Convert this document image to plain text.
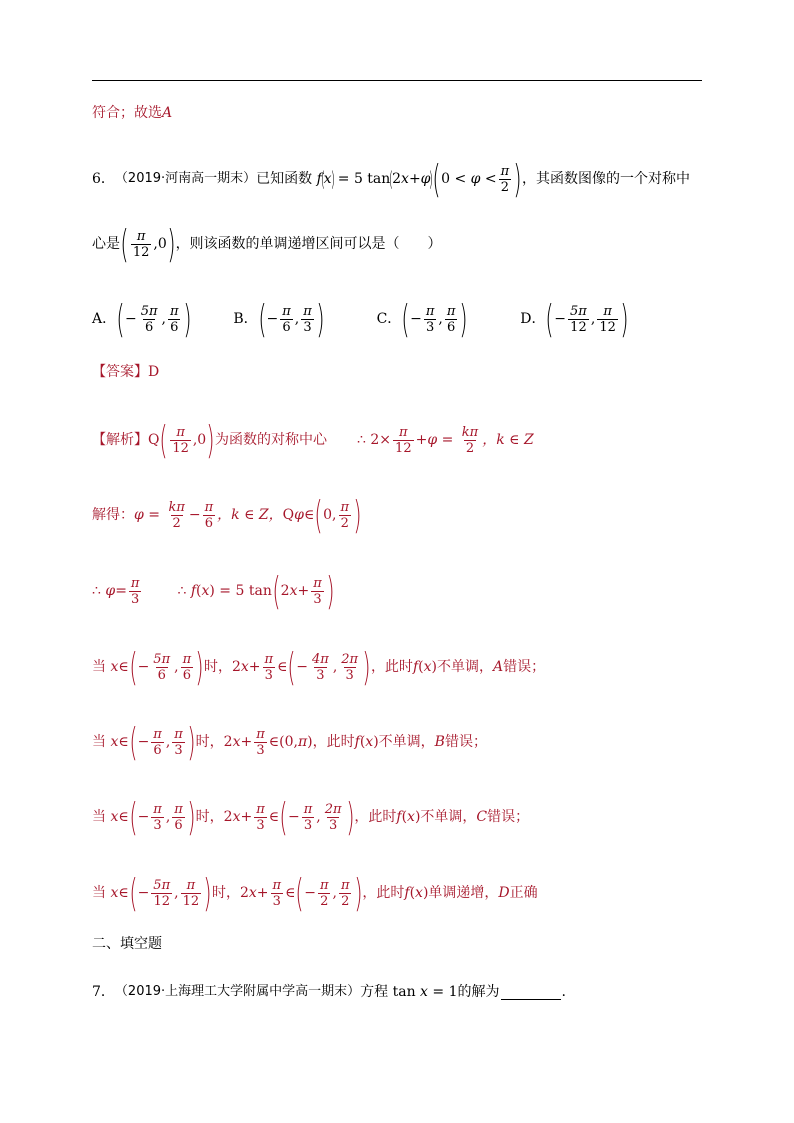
符合；故选 A
6． （2019·河南高一期末） 已知函数 f
(
x
)
= 5 tan
(
2 x + φ
) ( $0 < \varphi < \frac{\pi}{2}$ ) ，其函数图像的一个对称中
心是 ( $\frac{\pi}{12} ,0$ ) ，则该函数的单调递增区间可以是（　　）
A． ( − $\frac{5\pi}{6}$ , $\frac{\pi}{6}$ )	B． ( − $\frac{\pi}{6}$ , $\frac{\pi}{3}$ )	C． ( − $\frac{\pi}{3}$ , $\frac{\pi}{6}$ )	D． ( − $\frac{5\pi}{12}$ , $\frac{\pi}{12}$ )
【答案】 D
【解析】 Q ( $\frac{\pi}{12} ,0$ ) 为函数的对称中心 ∴ $2\times \frac{\pi}{12} + \varphi = \frac{k\pi}{2}$ ，k ∈ Z
解得： $\varphi = \frac{k\pi}{2} - \frac{\pi}{6}$ ，k ∈ Z， Q φ ∈ ( 0, $\frac{\pi}{2}$ )
∴ $\varphi = \frac{\pi}{3}$	∴ f ( x ) = 5 tan ( 2 $x + \frac{\pi}{3}$ )
当 x ∈ ( − $\frac{5\pi}{6}$ , $\frac{\pi}{6}$ ) 时， 2 $x + \frac{\pi}{3}$ ∈ ( − $\frac{4\pi}{3}$ , $\frac{2\pi}{3}$ ) ，此时 f ( x ) 不单调， A 错误；
当 x ∈ ( − $\frac{\pi}{6}$ , $\frac{\pi}{3}$ ) 时， 2 $x + \frac{\pi}{3}$ ∈(0, π ) ，此时 f ( x ) 不单调， B 错误；
当 x ∈ ( − $\frac{\pi}{3}$ , $\frac{\pi}{6}$ ) 时， 2 $x + \frac{\pi}{3}$ ∈ ( − $\frac{\pi}{3}$ , $\frac{2\pi}{3}$ ) ，此时 f ( x ) 不单调， C 错误；
当 x ∈ ( − $\frac{5\pi}{12}$ , $\frac{\pi}{12}$ ) 时， 2 $x + \frac{\pi}{3}$ ∈ ( − $\frac{\pi}{2}$ , $\frac{\pi}{2}$ ) ，此时 f ( x ) 单调递增， D 正确
二、填空题
7． （2019·上海理工大学附属中学高一期末） 方程 tan x = 1 的解为	.
